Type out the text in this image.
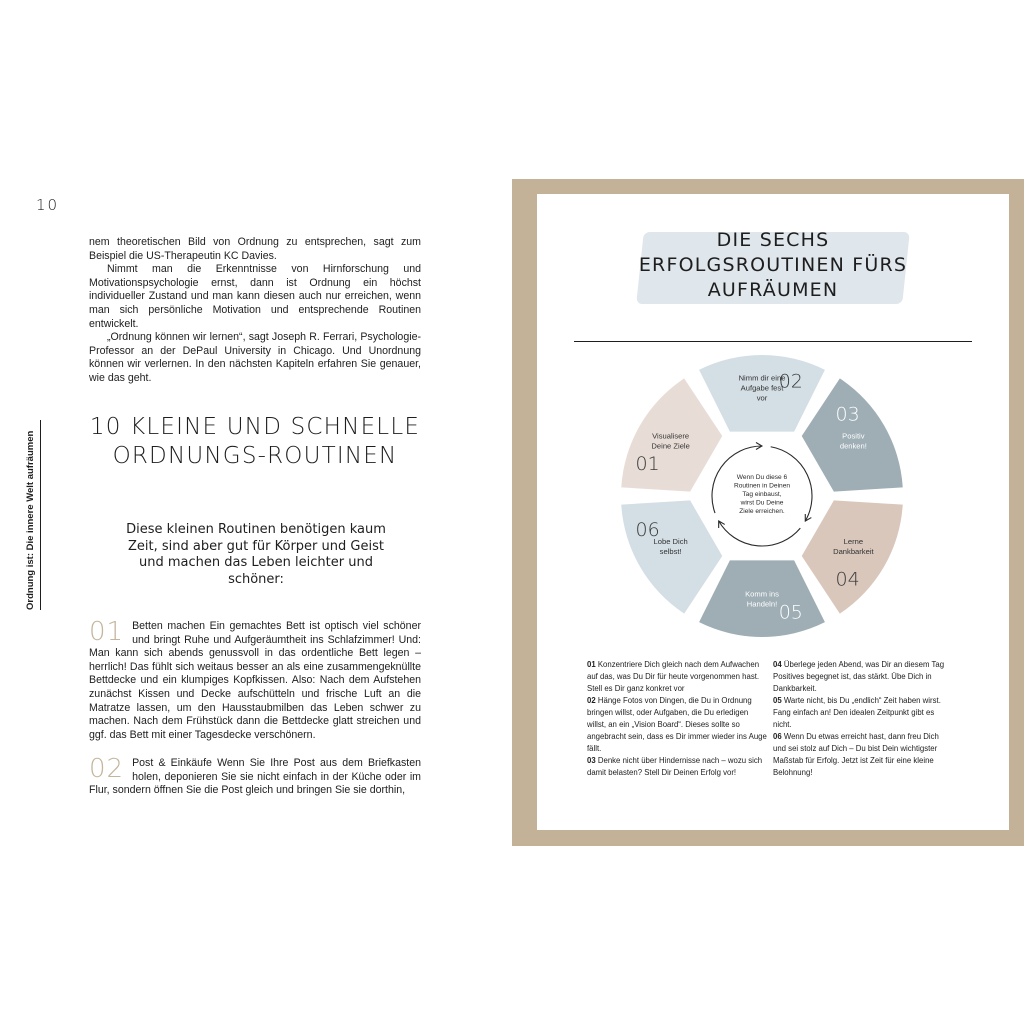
10
Ordnung ist: Die innere Welt aufräumen

nem theoretischen Bild von Ordnung zu entsprechen, sagt zum Beispiel die US-Therapeutin KC Davies.

Nimmt man die Erkenntnisse von Hirnforschung und Motivationspsychologie ernst, dann ist Ordnung ein höchst individueller Zustand und man kann diesen auch nur erreichen, wenn man sich persönliche Motivation und entsprechende Routinen entwickelt.

„Ordnung können wir lernen“, sagt Joseph R. Ferrari, Psychologie-Professor an der DePaul University in Chicago. Und Unordnung können wir verlernen. In den nächsten Kapiteln erfahren Sie genauer, wie das geht.

10 KLEINE UND SCHNELLE ORDNUNGS-ROUTINEN
Diese kleinen Routinen benötigen kaum Zeit, sind aber gut für Körper und Geist und machen das Leben leichter und schöner:
01 Betten machen Ein gemachtes Bett ist optisch viel schöner und bringt Ruhe und Aufgeräumtheit ins Schlafzimmer! Und: Man kann sich abends genussvoll in das ordentliche Bett legen – herrlich! Das fühlt sich weitaus besser an als eine zusammengeknüllte Bettdecke und ein klumpiges Kopfkissen. Also: Nach dem Aufstehen zunächst Kissen und Decke aufschütteln und frische Luft an die Matratze lassen, um den Hausstaubmilben das Leben schwer zu machen. Nach dem Frühstück dann die Bettdecke glatt streichen und ggf. das Bett mit einer Tagesdecke verschönern.

02 Post & Einkäufe Wenn Sie Ihre Post aus dem Briefkasten holen, deponieren Sie sie nicht einfach in der Küche oder im Flur, sondern öffnen Sie die Post gleich und bringen Sie sie dorthin,

DIE SECHS ERFOLGSROUTINEN FÜRS AUFRÄUMEN
Visualisere Deine Ziele
01
Nimm dir eine Aufgabe fest vor
02
Positiv denken!
03
Lerne Dankbarkeit
04
Komm ins Handeln! 05
Lobe Dich selbst!
06
Wenn Du diese 6 Routinen in Deinen Tag einbaust, wirst Du Deine Ziele erreichen.

01 Konzentriere Dich gleich nach dem Aufwachen auf das, was Du Dir für heute vorgenommen hast. Stell es Dir ganz konkret vor

02 Hänge Fotos von Dingen, die Du in Ordnung bringen willst, oder Aufgaben, die Du erledigen willst, an ein „Vision Board“. Dieses sollte so angebracht sein, dass es Dir immer wieder ins Auge fällt.

03 Denke nicht über Hindernisse nach – wozu sich damit belasten? Stell Dir Deinen Erfolg vor!

04 Überlege jeden Abend, was Dir an diesem Tag Positives begegnet ist, das stärkt. Übe Dich in Dankbarkeit.

05 Warte nicht, bis Du „endlich“ Zeit haben wirst. Fang einfach an! Den idealen Zeitpunkt gibt es nicht.

06 Wenn Du etwas erreicht hast, dann freu Dich und sei stolz auf Dich – Du bist Dein wichtigster Maßstab für Erfolg. Jetzt ist Zeit für eine kleine Belohnung!
